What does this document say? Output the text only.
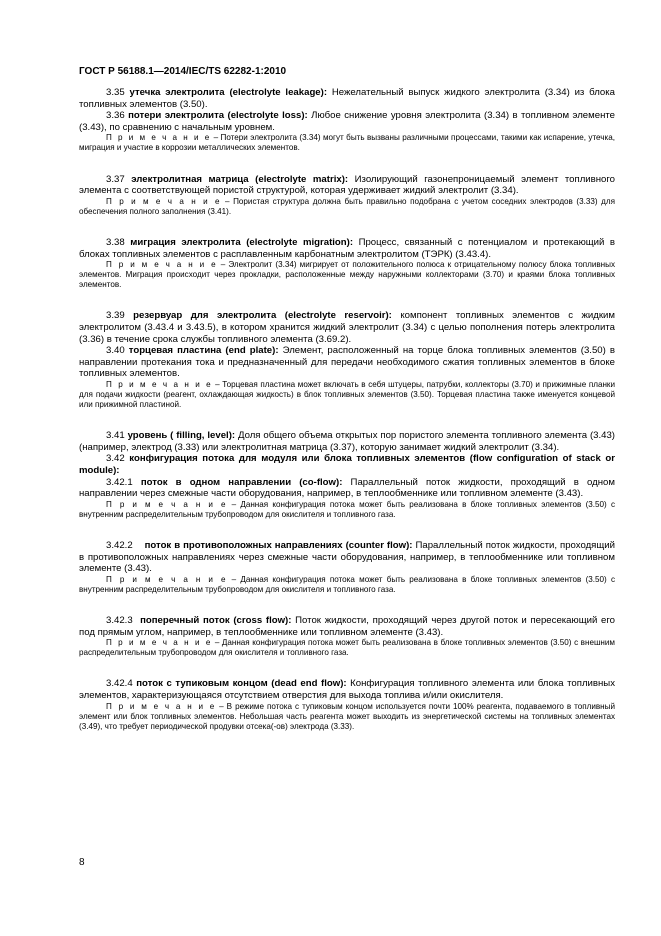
ГОСТ Р 56188.1—2014/IEC/TS 62282-1:2010

3.35 утечка электролита (electrolyte leakage): Нежелательный выпуск жидкого электролита (3.34) из блока топливных элементов (3.50).

3.36 потери электролита (electrolyte loss): Любое снижение уровня электролита (3.34) в топливном элементе (3.43), по сравнению с начальным уровнем.

П р и м е ч а н и е – Потери электролита (3.34) могут быть вызваны различными процессами, такими как испарение, утечка, миграция и участие в коррозии металлических элементов.

3.37 электролитная матрица (electrolyte matrix): Изолирующий газонепроницаемый элемент топливного элемента с соответствующей пористой структурой, которая удерживает жидкий электролит (3.34).

П р и м е ч а н и е – Пористая структура должна быть правильно подобрана с учетом соседних электродов (3.33) для обеспечения полного заполнения (3.41).

3.38 миграция электролита (electrolyte migration): Процесс, связанный с потенциалом и протекающий в блоках топливных элементов с расплавленным карбонатным электролитом (ТЭРК) (3.43.4).

П р и м е ч а н и е – Электролит (3.34) мигрирует от положительного полюса к отрицательному полюсу блока топливных элементов. Миграция происходит через прокладки, расположенные между наружными коллекторами (3.70) и краями блока топливных элементов.

3.39 резервуар для электролита (electrolyte reservoir): компонент топливных элементов с жидким электролитом (3.43.4 и 3.43.5), в котором хранится жидкий электролит (3.34) с целью пополнения потерь электролита (3.36) в течение срока службы топливного элемента (3.69.2).

3.40 торцевая пластина (end plate): Элемент, расположенный на торце блока топливных элементов (3.50) в направлении протекания тока и предназначенный для передачи необходимого сжатия топливных элементов в блоке топливных элементов.

П р и м е ч а н и е – Торцевая пластина может включать в себя штуцеры, патрубки, коллекторы (3.70) и прижимные планки для подачи жидкости (реагент, охлаждающая жидкость) в блок топливных элементов (3.50). Торцевая пластина также именуется концевой или прижимной пластиной.

3.41 уровень ( filling, level): Доля общего объема открытых пор пористого элемента топливного элемента (3.43) (например, электрод (3.33) или электролитная матрица (3.37), которую занимает жидкий электролит (3.34).

3.42 конфигурация потока для модуля или блока топливных элементов (flow configuration of stack or module):

3.42.1 поток в одном направлении (co-flow): Параллельный поток жидкости, проходящий в одном направлении через смежные части оборудования, например, в теплообменнике или топливном элементе (3.43).

П р и м е ч а н и е – Данная конфигурация потока может быть реализована в блоке топливных элементов (3.50) с внутренним распределительным трубопроводом для окислителя и топливного газа.

3.42.2 поток в противоположных направлениях (counter flow): Параллельный поток жидкости, проходящий в противоположных направлениях через смежные части оборудования, например, в теплообменнике или топливном элементе (3.43).

П р и м е ч а н и е – Данная конфигурация потока может быть реализована в блоке топливных элементов (3.50) с внутренним распределительным трубопроводом для окислителя и топливного газа.

3.42.3 поперечный поток (cross flow): Поток жидкости, проходящий через другой поток и пересекающий его под прямым углом, например, в теплообменнике или топливном элементе (3.43).

П р и м е ч а н и е – Данная конфигурация потока может быть реализована в блоке топливных элементов (3.50) с внешним распределительным трубопроводом для окислителя и топливного газа.

3.42.4 поток с тупиковым концом (dead end flow): Конфигурация топливного элемента или блока топливных элементов, характеризующаяся отсутствием отверстия для выхода топлива и/или окислителя.

П р и м е ч а н и е – В режиме потока с тупиковым концом используется почти 100% реагента, подаваемого в топливный элемент или блок топливных элементов. Небольшая часть реагента может выходить из энергетической системы на топливных элементах (3.49), что требует периодической продувки отсека(-ов) электрода (3.33).

8
